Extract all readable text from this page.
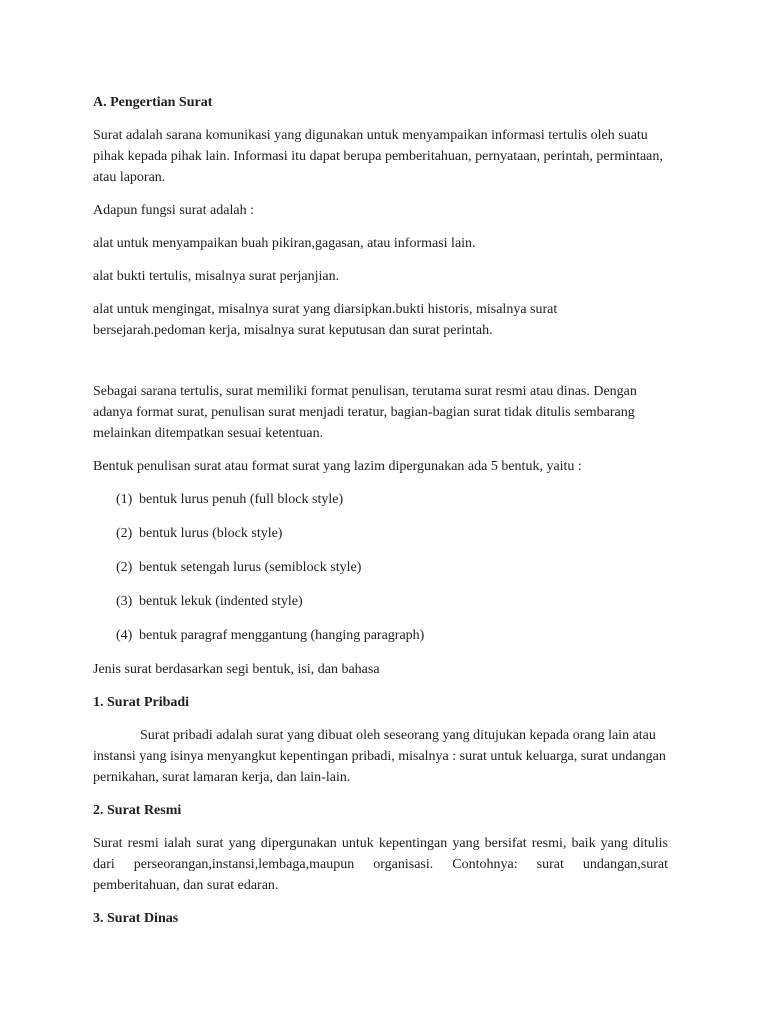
A. Pengertian Surat

Surat adalah sarana komunikasi yang digunakan untuk menyampaikan informasi tertulis oleh suatu pihak kepada pihak lain. Informasi itu dapat berupa pemberitahuan, pernyataan, perintah, permintaan, atau laporan.

Adapun fungsi surat adalah :

alat untuk menyampaikan buah pikiran,gagasan, atau informasi lain.

alat bukti tertulis, misalnya surat perjanjian.

alat untuk mengingat, misalnya surat yang diarsipkan.bukti historis, misalnya surat bersejarah.pedoman kerja, misalnya surat keputusan dan surat perintah.

Sebagai sarana tertulis, surat memiliki format penulisan, terutama surat resmi atau dinas. Dengan adanya format surat, penulisan surat menjadi teratur, bagian-bagian surat tidak ditulis sembarang melainkan ditempatkan sesuai ketentuan.

Bentuk penulisan surat atau format surat yang lazim dipergunakan ada 5 bentuk, yaitu :

(1) bentuk lurus penuh (full block style)
(2) bentuk lurus (block style)
(2) bentuk setengah lurus (semiblock style)
(3) bentuk lekuk (indented style)
(4) bentuk paragraf menggantung (hanging paragraph)

Jenis surat berdasarkan segi bentuk, isi, dan bahasa

1. Surat Pribadi

Surat pribadi adalah surat yang dibuat oleh seseorang yang ditujukan kepada orang lain atau instansi yang isinya menyangkut kepentingan pribadi, misalnya : surat untuk keluarga, surat undangan pernikahan, surat lamaran kerja, dan lain-lain.

2. Surat Resmi

Surat resmi ialah surat yang dipergunakan untuk kepentingan yang bersifat resmi, baik yang ditulis dari perseorangan,instansi,lembaga,maupun organisasi. Contohnya: surat undangan,surat pemberitahuan, dan surat edaran.

3. Surat Dinas
